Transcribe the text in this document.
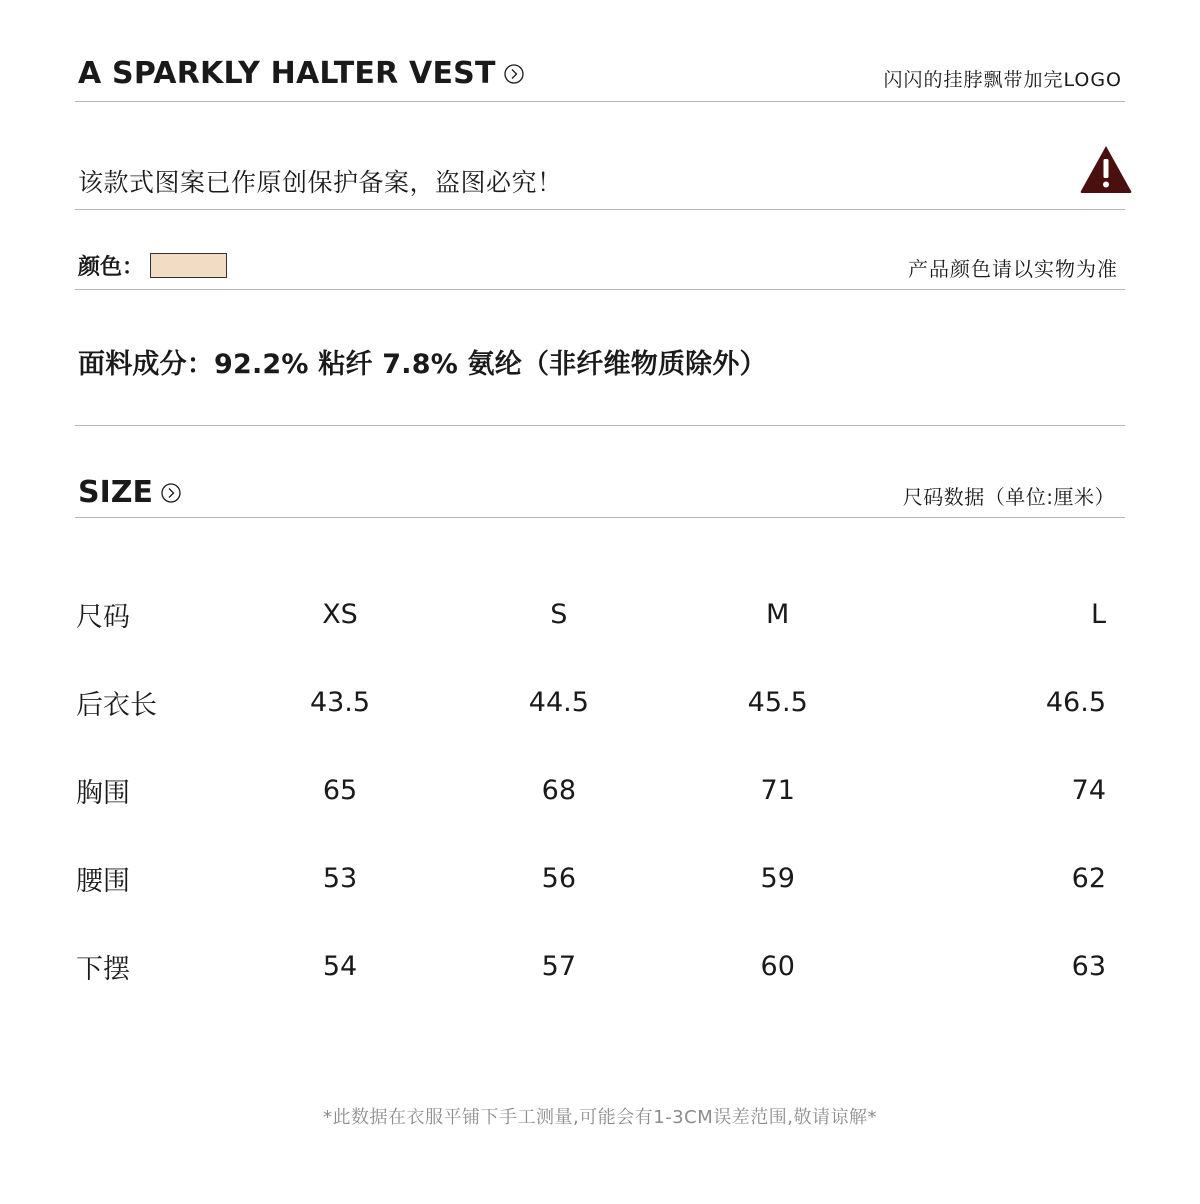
A SPARKLY HALTER VEST	闪闪的挂脖飘带加完LOGO
该款式图案已作原创保护备案，盗图必究！
颜色：	产品颜色请以实物为准
面料成分：92.2% 粘纤 7.8% 氨纶（非纤维物质除外）
SIZE	尺码数据（单位:厘米）
尺码	XS	S	M	L
后衣长	43.5	44.5	45.5	46.5
胸围	65	68	71	74
腰围	53	56	59	62
下摆	54	57	60	63
*此数据在衣服平铺下手工测量,可能会有1-3CM误差范围,敬请谅解*
